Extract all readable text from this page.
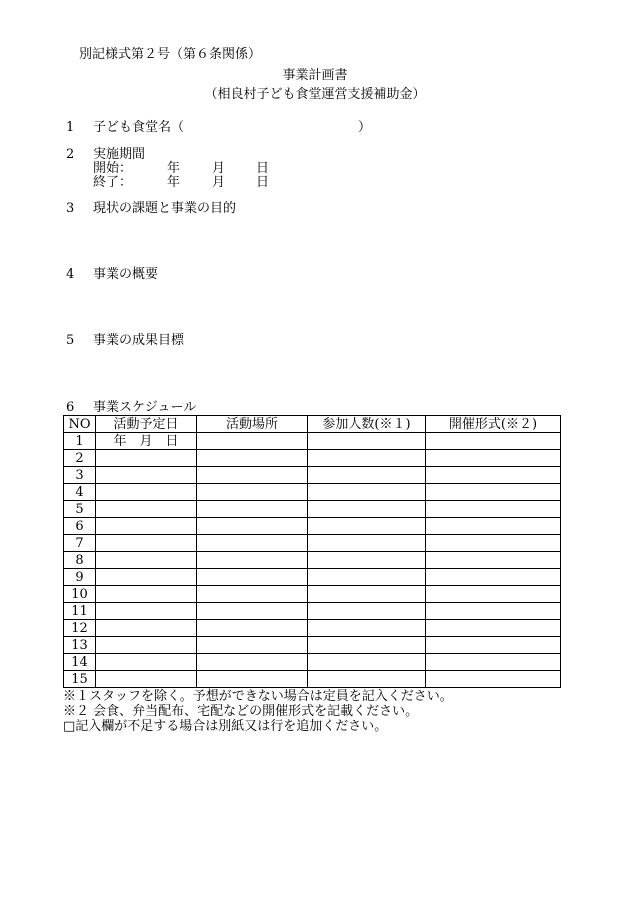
別記様式第２号（第６条関係）
事業計画書
（相良村子ども食堂運営支援補助金）
1 子ども食堂名（	）
2 実施期間
開始：	年 月 日
終了：	年 月 日
3 現状の課題と事業の目的
4 事業の概要
5 事業の成果目標
6 事業スケジュール
NO	活動予定日	活動場所	参加人数(※１)	開催形式(※２)
1	年　月　日			
2				
3				
4				
5				
6				
7				
8				
9				
10				
11				
12				
13				
14				
15				
※１スタッフを除く。予想ができない場合は定員を記入ください。
※２ 会食、弁当配布、宅配などの開催形式を記載ください。
□記入欄が不足する場合は別紙又は行を追加ください。
